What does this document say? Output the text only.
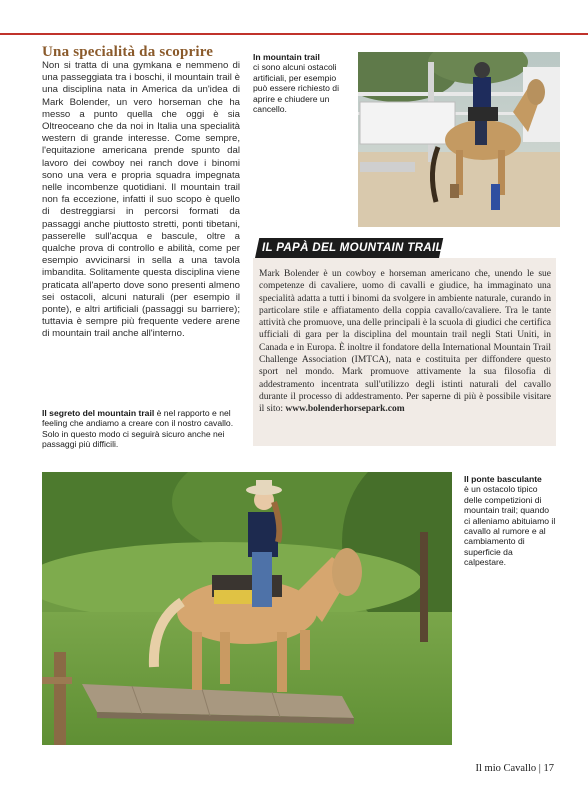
Una specialità da scoprire

Non si tratta di una gymkana e nemmeno di una passeggiata tra i boschi, il mountain trail è una disciplina nata in America da un'idea di Mark Bolender, un vero horseman che ha messo a punto quella che oggi è sia Oltreoceano che da noi in Italia una specialità western di grande interesse. Come sempre, l'equitazione americana prende spunto dal lavoro dei cowboy nei ranch dove i binomi sono una vera e propria squadra impegnata nelle incombenze quotidiani. Il mountain trail non fa eccezione, infatti il suo scopo è quello di destreggiarsi in percorsi formati da passaggi anche piuttosto stretti, ponti tibetani, passerelle sull'acqua e bascule, oltre a qualche prova di controllo e abilità, come per esempio avvicinarsi in sella a una tavola imbandita. Solitamente questa disciplina viene praticata all'aperto dove sono presenti almeno sei ostacoli, alcuni naturali (per esempio il ponte), e altri artificiali (passaggi su barriere); tuttavia è sempre più frequente vedere arene di mountain trail anche all'interno.

In mountain trail
ci sono alcuni ostacoli artificiali, per esempio può essere richiesto di aprire e chiudere un cancello.
IL PAPÀ DEL MOUNTAIN TRAIL

Mark Bolender è un cowboy e horseman americano che, unendo le sue competenze di cavaliere, uomo di cavalli e giudice, ha immaginato una specialità adatta a tutti i binomi da svolgere in ambiente naturale, curando in particolare stile e affiatamento della coppia cavallo/cavaliere. Tra le tante attività che promuove, una delle principali è la scuola di giudici che certifica ufficiali di gara per la disciplina del mountain trail negli Stati Uniti, in Canada e in Europa. È inoltre il fondatore della International Mountain Trail Challenge Association (IMTCA), nata e costituita per diffondere questo sport nel mondo. Mark promuove attivamente la sua filosofia di addestramento incentrata sull'utilizzo degli istinti naturali del cavallo durante il processo di addestramento. Per saperne di più è possibile visitare il sito: www.bolenderhorsepark.com

Il segreto del mountain trail è nel rapporto e nel feeling che andiamo a creare con il nostro cavallo. Solo in questo modo ci seguirà sicuro anche nei passaggi più difficili.
Il ponte basculante
è un ostacolo tipico delle competizioni di mountain trail; quando ci alleniamo abituiamo il cavallo al rumore e al cambiamento di superficie da calpestare.
Il mio Cavallo | 17
